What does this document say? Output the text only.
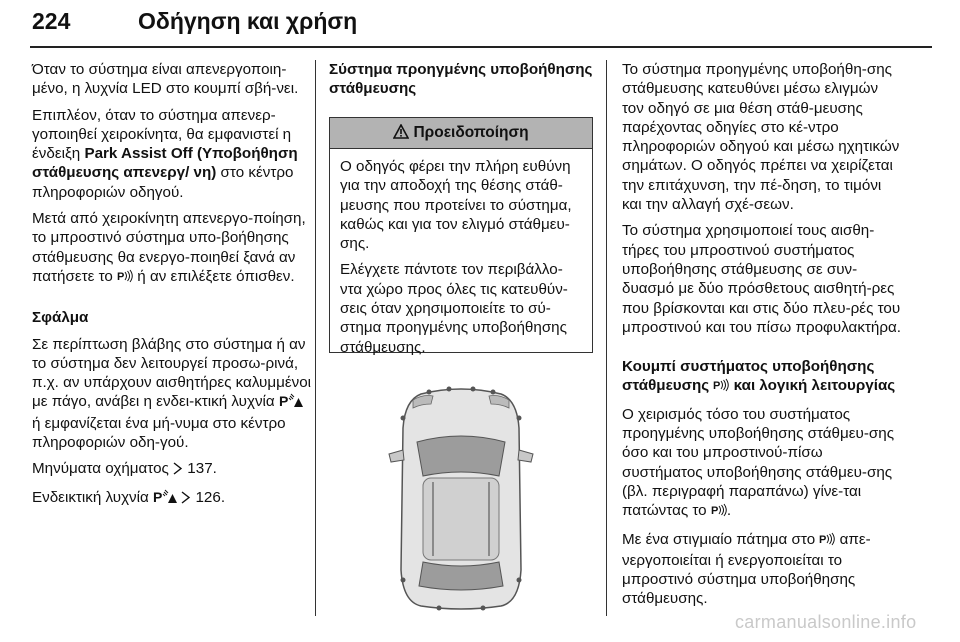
224	Οδήγηση και χρήση

Όταν το σύστημα είναι απενεργοποιη-μένο, η λυχνία LED στο κουμπί σβή-νει.

Επιπλέον, όταν το σύστημα απενερ-γοποιηθεί χειροκίνητα, θα εμφανιστεί η ένδειξη Park Assist Off (Υποβοήθηση στάθμευσης απενεργ/ νη) στο κέντρο πληροφοριών οδηγού.

Μετά από χειροκίνητη απενεργο-ποίηση, το μπροστινό σύστημα υπο-βοήθησης στάθμευσης θα ενεργο-ποιηθεί ξανά αν πατήσετε το P ή αν επιλέξετε όπισθεν.

Σφάλμα

Σε περίπτωση βλάβης στο σύστημα ή αν το σύστημα δεν λειτουργεί προσω-ρινά, π.χ. αν υπάρχουν αισθητήρες καλυμμένοι με πάγο, ανάβει η ενδει-κτική λυχνία P
ή εμφανίζεται ένα μή-νυμα στο κέντρο πληροφοριών οδη-γού.

Μηνύματα οχήματος  137.

Ενδεικτική λυχνία P 126.

Σύστημα προηγμένης υποβοήθησης στάθμευσης

Προειδοποίηση

Ο οδηγός φέρει την πλήρη ευθύνη για την αποδοχή της θέσης στάθ-μευσης που προτείνει το σύστημα, καθώς και για τον ελιγμό στάθμευ-σης.

Ελέγχετε πάντοτε τον περιβάλλο-ντα χώρο προς όλες τις κατευθύν-σεις όταν χρησιμοποιείτε το σύ-στημα προηγμένης υποβοήθησης στάθμευσης.

Το σύστημα προηγμένης υποβοήθη-σης στάθμευσης κατευθύνει μέσω ελιγμών τον οδηγό σε μια θέση στάθ-μευσης παρέχοντας οδηγίες στο κέ-ντρο πληροφοριών οδηγού και μέσω ηχητικών σημάτων. Ο οδηγός πρέπει να χειρίζεται την επιτάχυνση, την πέ-δηση, το τιμόνι και την αλλαγή σχέ-σεων.

Το σύστημα χρησιμοποιεί τους αισθη-τήρες του μπροστινού συστήματος υποβοήθησης στάθμευσης σε συν-δυασμό με δύο πρόσθετους αισθητή-ρες που βρίσκονται και στις δύο πλευ-ρές του μπροστινού και του πίσω προφυλακτήρα.

Κουμπί συστήματος υποβοήθησης στάθμευσης P και λογική λειτουργίας

Ο χειρισμός τόσο του συστήματος προηγμένης υποβοήθησης στάθμευ-σης όσο και του μπροστινού-πίσω συστήματος υποβοήθησης στάθμευ-σης (βλ. περιγραφή παραπάνω) γίνε-ται πατώντας το P .

Με ένα στιγμιαίο πάτημα στο P απε-νεργοποιείται ή ενεργοποιείται το μπροστινό σύστημα υποβοήθησης στάθμευσης.

carmanualsonline.info
